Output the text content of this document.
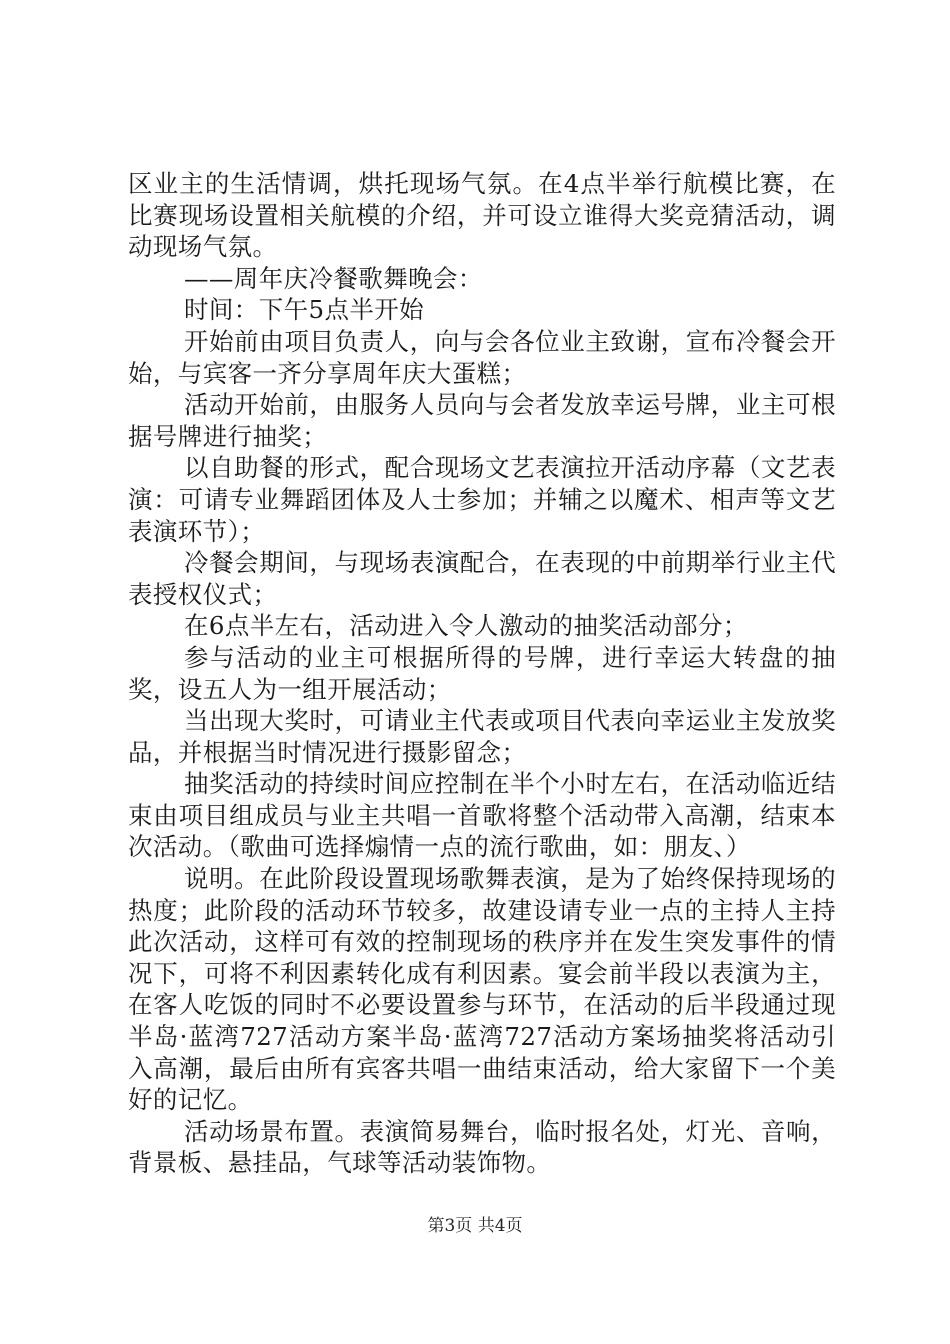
区业主的生活情调，烘托现场气氛。在4点半举行航模比赛，在比赛现场设置相关航模的介绍，并可设立谁得大奖竞猜活动，调动现场气氛。

——周年庆冷餐歌舞晚会：

时间：下午5点半开始

开始前由项目负责人，向与会各位业主致谢，宣布冷餐会开始，与宾客一齐分享周年庆大蛋糕；

活动开始前，由服务人员向与会者发放幸运号牌，业主可根据号牌进行抽奖；

以自助餐的形式，配合现场文艺表演拉开活动序幕（文艺表演：可请专业舞蹈团体及人士参加；并辅之以魔术、相声等文艺表演环节）；

冷餐会期间，与现场表演配合，在表现的中前期举行业主代表授权仪式；

在6点半左右，活动进入令人激动的抽奖活动部分；

参与活动的业主可根据所得的号牌，进行幸运大转盘的抽奖，设五人为一组开展活动；

当出现大奖时，可请业主代表或项目代表向幸运业主发放奖品，并根据当时情况进行摄影留念；

抽奖活动的持续时间应控制在半个小时左右，在活动临近结束由项目组成员与业主共唱一首歌将整个活动带入高潮，结束本次活动。（歌曲可选择煽情一点的流行歌曲，如：朋友、）

说明。在此阶段设置现场歌舞表演，是为了始终保持现场的热度；此阶段的活动环节较多，故建设请专业一点的主持人主持此次活动，这样可有效的控制现场的秩序并在发生突发事件的情况下，可将不利因素转化成有利因素。宴会前半段以表演为主，在客人吃饭的同时不必要设置参与环节，在活动的后半段通过现半岛·蓝湾727活动方案半岛·蓝湾727活动方案场抽奖将活动引入高潮，最后由所有宾客共唱一曲结束活动，给大家留下一个美好的记忆。

活动场景布置。表演简易舞台，临时报名处，灯光、音响，背景板、悬挂品，气球等活动装饰物。

第3页 共4页
